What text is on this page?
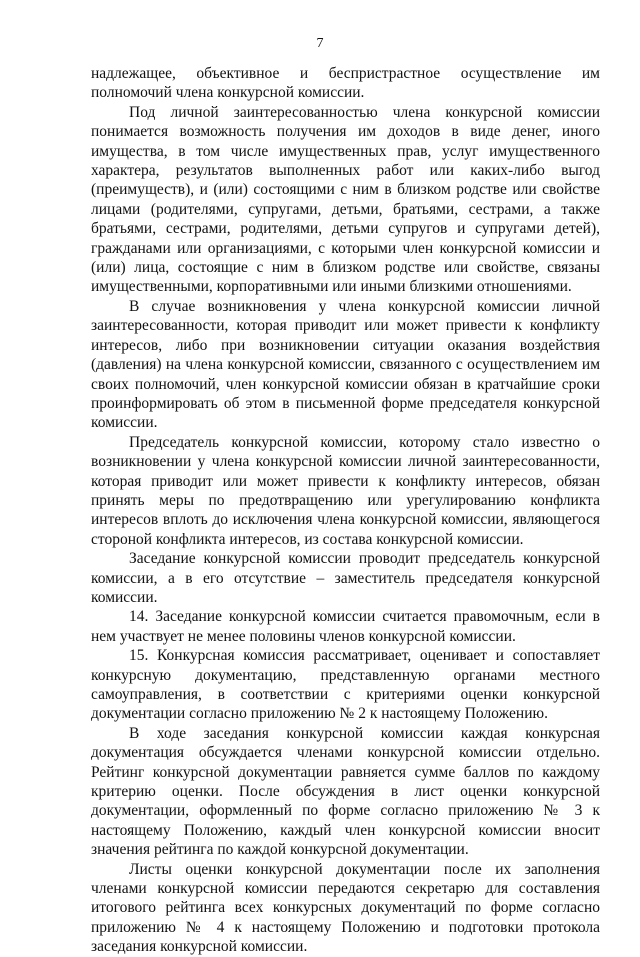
7

надлежащее, объективное и беспристрастное осуществление им полномочий члена конкурсной комиссии.

Под личной заинтересованностью члена конкурсной комиссии понимается возможность получения им доходов в виде денег, иного имущества, в том числе имущественных прав, услуг имущественного характера, результатов выполненных работ или каких-либо выгод (преимуществ), и (или) состоящими с ним в близком родстве или свойстве лицами (родителями, супругами, детьми, братьями, сестрами, а также братьями, сестрами, родителями, детьми супругов и супругами детей), гражданами или организациями, с которыми член конкурсной комиссии и (или) лица, состоящие с ним в близком родстве или свойстве, связаны имущественными, корпоративными или иными близкими отношениями.

В случае возникновения у члена конкурсной комиссии личной заинтересованности, которая приводит или может привести к конфликту интересов, либо при возникновении ситуации оказания воздействия (давления) на члена конкурсной комиссии, связанного с осуществлением им своих полномочий, член конкурсной комиссии обязан в кратчайшие сроки проинформировать об этом в письменной форме председателя конкурсной комиссии.

Председатель конкурсной комиссии, которому стало известно о возникновении у члена конкурсной комиссии личной заинтересованности, которая приводит или может привести к конфликту интересов, обязан принять меры по предотвращению или урегулированию конфликта интересов вплоть до исключения члена конкурсной комиссии, являющегося стороной конфликта интересов, из состава конкурсной комиссии.

Заседание конкурсной комиссии проводит председатель конкурсной комиссии, а в его отсутствие – заместитель председателя конкурсной комиссии.

14. Заседание конкурсной комиссии считается правомочным, если в нем участвует не менее половины членов конкурсной комиссии.

15. Конкурсная комиссия рассматривает, оценивает и сопоставляет конкурсную документацию, представленную органами местного самоуправления, в соответствии с критериями оценки конкурсной документации согласно приложению № 2 к настоящему Положению.

В ходе заседания конкурсной комиссии каждая конкурсная документация обсуждается членами конкурсной комиссии отдельно. Рейтинг конкурсной документации равняется сумме баллов по каждому критерию оценки. После обсуждения в лист оценки конкурсной документации, оформленный по форме согласно приложению № 3 к настоящему Положению, каждый член конкурсной комиссии вносит значения рейтинга по каждой конкурсной документации.

Листы оценки конкурсной документации после их заполнения членами конкурсной комиссии передаются секретарю для составления итогового рейтинга всех конкурсных документаций по форме согласно приложению № 4 к настоящему Положению и подготовки протокола заседания конкурсной комиссии.
